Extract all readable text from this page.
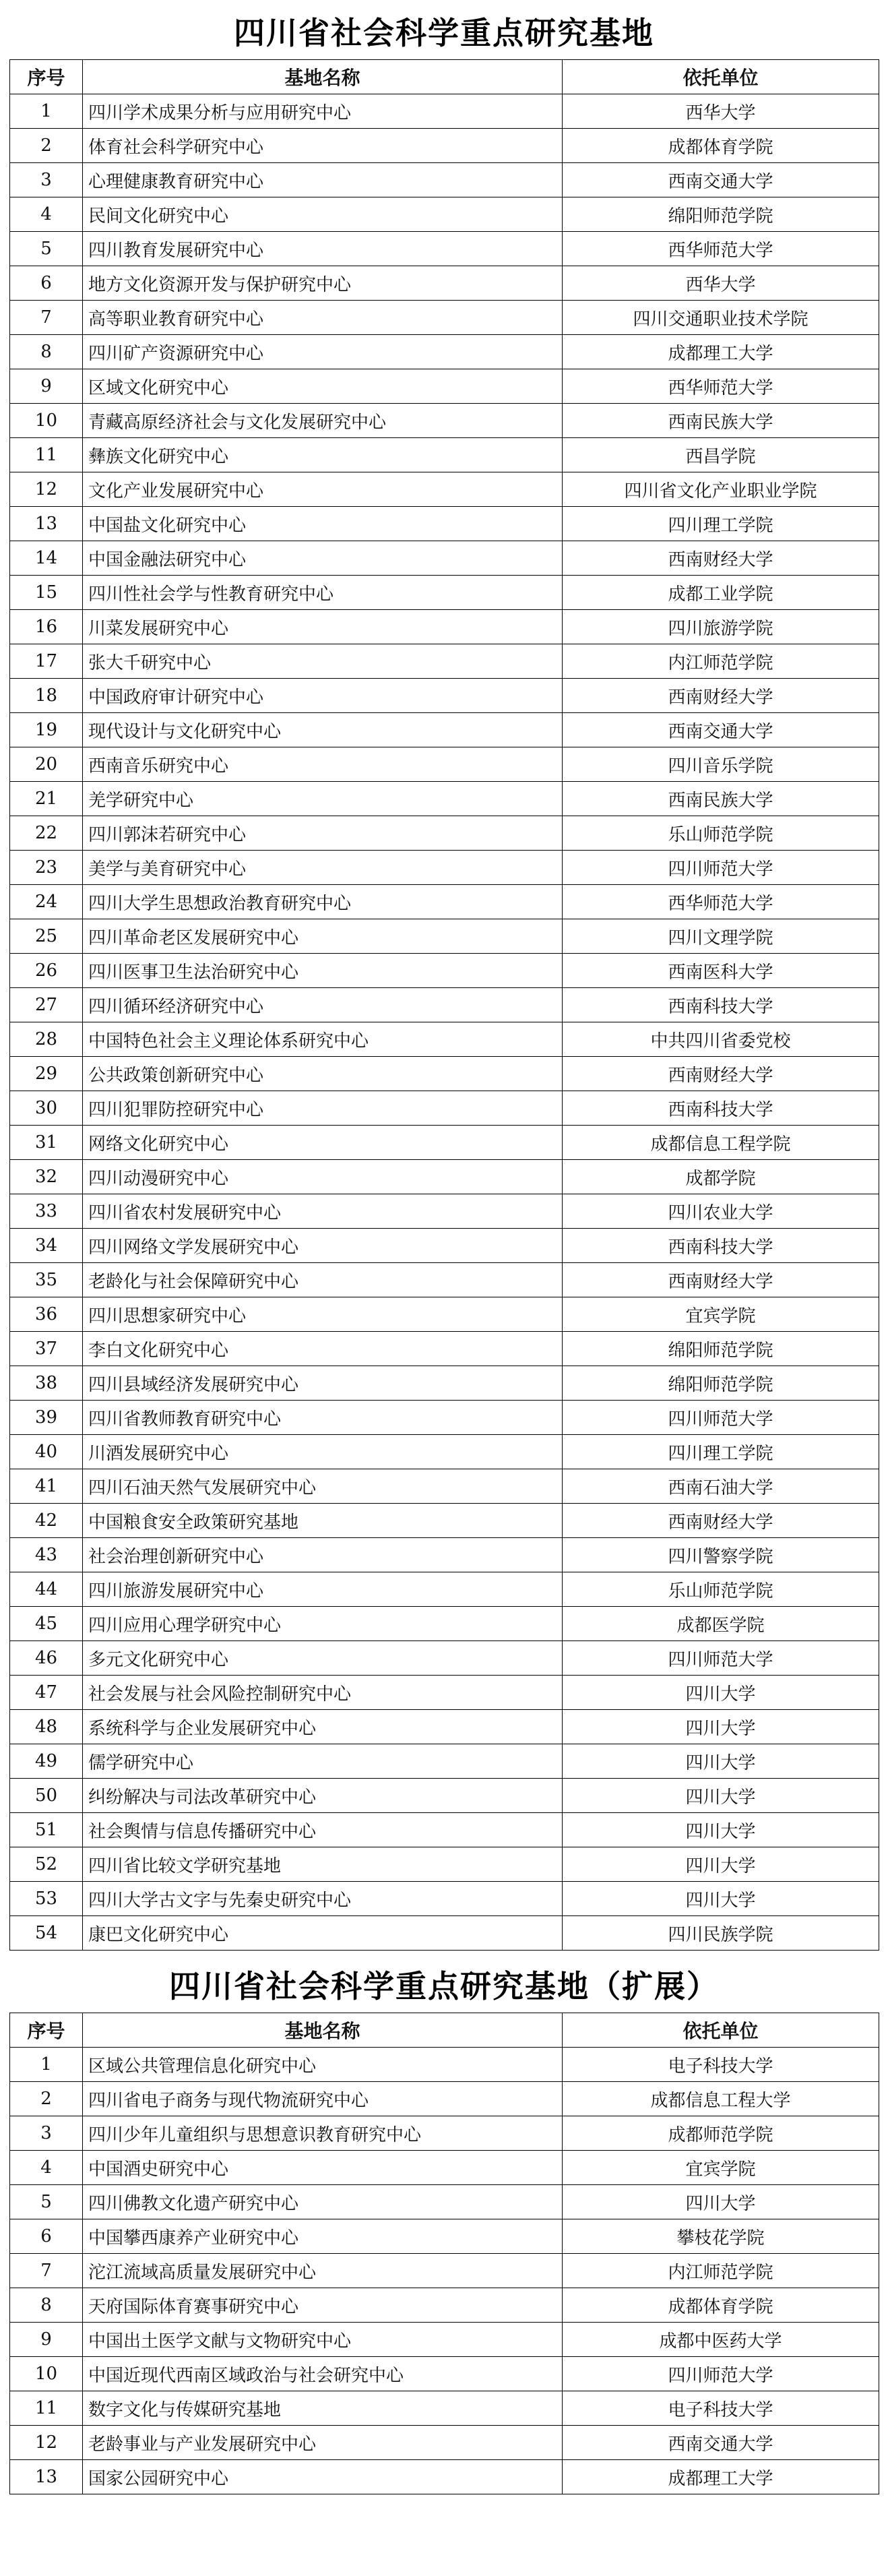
四川省社会科学重点研究基地
序号	基地名称	依托单位
1	四川学术成果分析与应用研究中心	西华大学
2	体育社会科学研究中心	成都体育学院
3	心理健康教育研究中心	西南交通大学
4	民间文化研究中心	绵阳师范学院
5	四川教育发展研究中心	西华师范大学
6	地方文化资源开发与保护研究中心	西华大学
7	高等职业教育研究中心	四川交通职业技术学院
8	四川矿产资源研究中心	成都理工大学
9	区域文化研究中心	西华师范大学
10	青藏高原经济社会与文化发展研究中心	西南民族大学
11	彝族文化研究中心	西昌学院
12	文化产业发展研究中心	四川省文化产业职业学院
13	中国盐文化研究中心	四川理工学院
14	中国金融法研究中心	西南财经大学
15	四川性社会学与性教育研究中心	成都工业学院
16	川菜发展研究中心	四川旅游学院
17	张大千研究中心	内江师范学院
18	中国政府审计研究中心	西南财经大学
19	现代设计与文化研究中心	西南交通大学
20	西南音乐研究中心	四川音乐学院
21	羌学研究中心	西南民族大学
22	四川郭沫若研究中心	乐山师范学院
23	美学与美育研究中心	四川师范大学
24	四川大学生思想政治教育研究中心	西华师范大学
25	四川革命老区发展研究中心	四川文理学院
26	四川医事卫生法治研究中心	西南医科大学
27	四川循环经济研究中心	西南科技大学
28	中国特色社会主义理论体系研究中心	中共四川省委党校
29	公共政策创新研究中心	西南财经大学
30	四川犯罪防控研究中心	西南科技大学
31	网络文化研究中心	成都信息工程学院
32	四川动漫研究中心	成都学院
33	四川省农村发展研究中心	四川农业大学
34	四川网络文学发展研究中心	西南科技大学
35	老龄化与社会保障研究中心	西南财经大学
36	四川思想家研究中心	宜宾学院
37	李白文化研究中心	绵阳师范学院
38	四川县域经济发展研究中心	绵阳师范学院
39	四川省教师教育研究中心	四川师范大学
40	川酒发展研究中心	四川理工学院
41	四川石油天然气发展研究中心	西南石油大学
42	中国粮食安全政策研究基地	西南财经大学
43	社会治理创新研究中心	四川警察学院
44	四川旅游发展研究中心	乐山师范学院
45	四川应用心理学研究中心	成都医学院
46	多元文化研究中心	四川师范大学
47	社会发展与社会风险控制研究中心	四川大学
48	系统科学与企业发展研究中心	四川大学
49	儒学研究中心	四川大学
50	纠纷解决与司法改革研究中心	四川大学
51	社会舆情与信息传播研究中心	四川大学
52	四川省比较文学研究基地	四川大学
53	四川大学古文字与先秦史研究中心	四川大学
54	康巴文化研究中心	四川民族学院
四川省社会科学重点研究基地（扩展）
序号	基地名称	依托单位
1	区域公共管理信息化研究中心	电子科技大学
2	四川省电子商务与现代物流研究中心	成都信息工程大学
3	四川少年儿童组织与思想意识教育研究中心	成都师范学院
4	中国酒史研究中心	宜宾学院
5	四川佛教文化遗产研究中心	四川大学
6	中国攀西康养产业研究中心	攀枝花学院
7	沱江流域高质量发展研究中心	内江师范学院
8	天府国际体育赛事研究中心	成都体育学院
9	中国出土医学文献与文物研究中心	成都中医药大学
10	中国近现代西南区域政治与社会研究中心	四川师范大学
11	数字文化与传媒研究基地	电子科技大学
12	老龄事业与产业发展研究中心	西南交通大学
13	国家公园研究中心	成都理工大学
